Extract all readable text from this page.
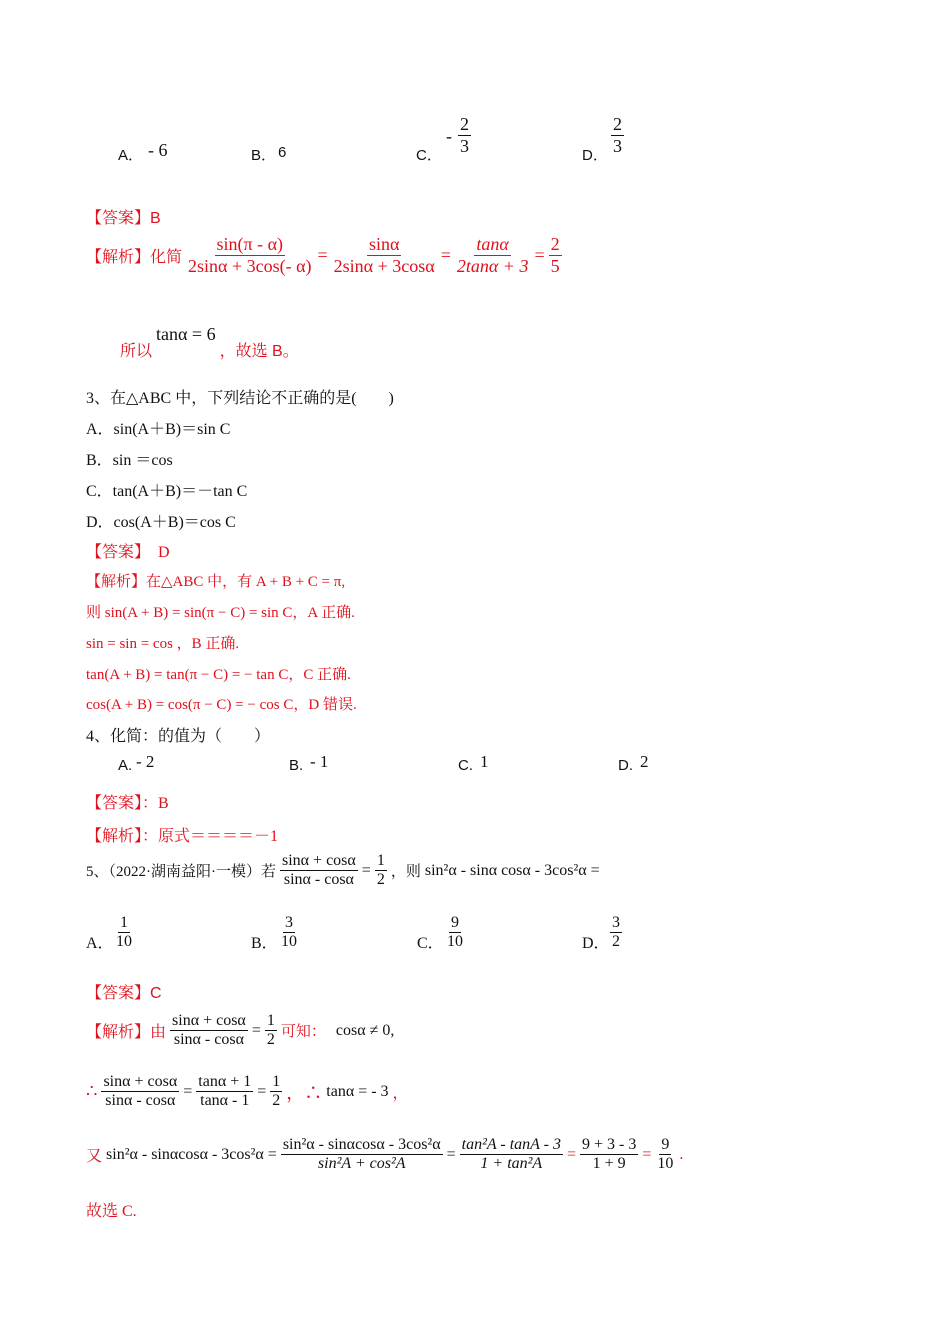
A． - 6	B． 6	C．
- $\frac{2}{3}$	D． $\frac{2}{3}$
【答案】B
【解析】化简 $\frac{\sin(\pi - \alpha)}{2\sin\alpha + 3\cos(- \alpha)} = \frac{\sin\alpha}{2\sin\alpha + 3\cos\alpha} = \frac{\tan\alpha}{2\tan\alpha + 3} = \frac{2}{5}$
所以 tanα = 6 ，故选 B。
3、在△ABC 中，下列结论不正确的是(　　)
A．sin(A＋B)＝sin C
B．sin ＝cos
C．tan(A＋B)＝－tan C
D．cos(A＋B)＝cos C
【答案】　D
【解析】在△ABC 中，有 A + B + C = π,
则 sin(A + B) = sin(π − C) = sin C，A 正确.
sin = sin = cos ，B 正确.
tan(A + B) = tan(π − C) = − tan C，C 正确.
cos(A + B) = cos(π − C) = − cos C，D 错误.
4、化简：的值为（　　）
A. - 2	B. - 1	C. 1	D. 2
【答案】：B
【解析】：原式＝＝＝＝－1
5、（2022·湖南益阳·一模）若 $\frac{\sin\alpha + \cos\alpha}{\sin\alpha - \cos\alpha} = \frac{1}{2}$ ，则 sin²α - sinα cosα - 3cos²α =
A． $\frac{1}{10}$	B． $\frac{3}{10}$	C． $\frac{9}{10}$	D． $\frac{3}{2}$
【答案】C
【解析】由 $\frac{\sin\alpha + \cos\alpha}{\sin\alpha - \cos\alpha} = \frac{1}{2}$ 可知： cosα ≠ 0,
∴ $\frac{\sin\alpha + \cos\alpha}{\sin\alpha - \cos\alpha} = \frac{\tan\alpha + 1}{\tan\alpha - 1} = \frac{1}{2}$ ，∴ tanα = - 3 ，
又 $\sin^2\alpha - \sin\alpha\cos\alpha - 3\cos^2\alpha = \frac{\text{sin²α - sinαcosα - 3cos²α}}{\text{sin²A + cos²A}} = \frac{\text{tan²A - tanA - 3}}{\text{1 + tan²A}} = \frac{9 + 3 - 3}{1 + 9} = \frac{9}{10}$ .
故选 C.
